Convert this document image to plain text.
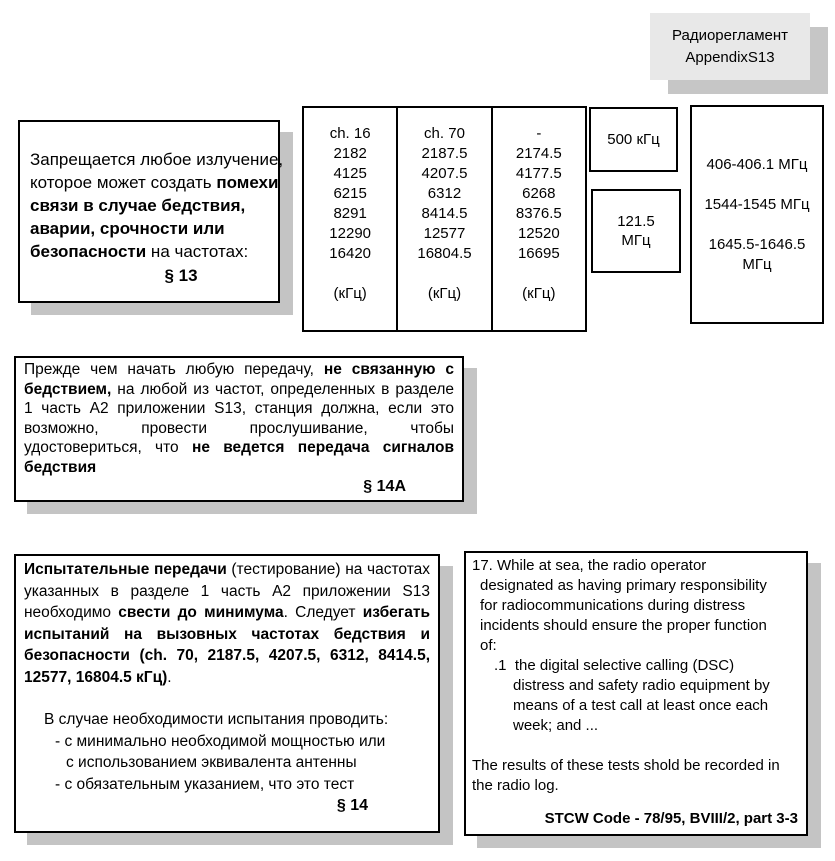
Радиорегламент
AppendixS13
Запрещается любое излучение,
которое может создать помехи
связи в случае бедствия,
аварии, срочности или
безопасности на частотах:
§ 13
ch. 16
2182
4125
6215
8291
12290
16420

(кГц)
ch. 70
2187.5
4207.5
6312
8414.5
12577
16804.5

(кГц)
-
2174.5
4177.5
6268
8376.5
12520
16695

(кГц)
500 кГц
121.5
МГц
406-406.1 МГц
1544-1545 МГц
1645.5-1646.5 МГц
Прежде чем начать любую передачу, не связанную с бедствием, на любой из частот, определенных в разделе 1 часть А2 приложении S13, станция должна, если это возможно, провести прослушивание, чтобы удостовериться, что не ведется передача сигналов бедствия
§ 14А
Испытательные передачи (тестирование) на частотах указанных в разделе 1 часть А2 приложении S13 необходимо свести до минимума. Следует избегать испытаний на вызовных частотах бедствия и безопасности (ch. 70, 2187.5, 4207.5, 6312, 8414.5, 12577, 16804.5 кГц).
В случае необходимости испытания проводить:
- с минимально необходимой мощностью или
с использованием эквивалента антенны
- с обязательным указанием, что это тест
§ 14
17. While at sea, the radio operator designated as having primary responsibility for radiocommunications during distress incidents should ensure the proper function of:
.1  the digital selective calling (DSC) distress and safety radio equipment by means of a test call at least once each week; and ...
The results of these tests shold be recorded in the radio log.
STCW Code - 78/95, BVIII/2, part 3-3
